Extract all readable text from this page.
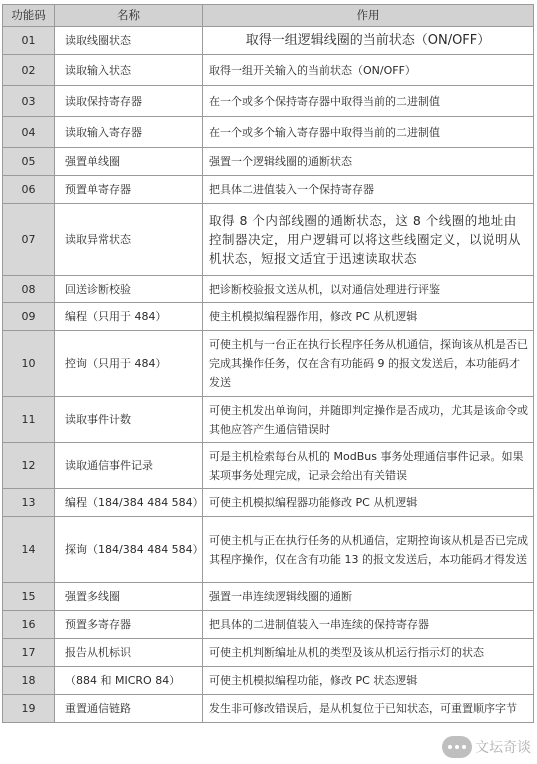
功能码	名称	作用
01	读取线圈状态	取得一组逻辑线圈的当前状态（ON/OFF）
02	读取输入状态	取得一组开关输入的当前状态（ON/OFF）
03	读取保持寄存器	在一个或多个保持寄存器中取得当前的二进制值
04	读取输入寄存器	在一个或多个输入寄存器中取得当前的二进制值
05	强置单线圈	强置一个逻辑线圈的通断状态
06	预置单寄存器	把具体二进值装入一个保持寄存器
07	读取异常状态	取得 8 个内部线圈的通断状态，这 8 个线圈的地址由控制器决定，用户逻辑可以将这些线圈定义，以说明从机状态，短报文适宜于迅速读取状态
08	回送诊断校验	把诊断校验报文送从机，以对通信处理进行评鉴
09	编程（只用于 484）	使主机模拟编程器作用，修改 PC 从机逻辑
10	控询（只用于 484）	可使主机与一台正在执行长程序任务从机通信，探询该从机是否已完成其操作任务，仅在含有功能码 9 的报文发送后，本功能码才发送
11	读取事件计数	可使主机发出单询问，并随即判定操作是否成功，尤其是该命令或其他应答产生通信错误时
12	读取通信事件记录	可是主机检索每台从机的 ModBus 事务处理通信事件记录。如果某项事务处理完成，记录会给出有关错误
13	编程（184/384 484 584）	可使主机模拟编程器功能修改 PC 从机逻辑
14	探询（184/384 484 584）	可使主机与正在执行任务的从机通信，定期控询该从机是否已完成其程序操作，仅在含有功能 13 的报文发送后，本功能码才得发送
15	强置多线圈	强置一串连续逻辑线圈的通断
16	预置多寄存器	把具体的二进制值装入一串连续的保持寄存器
17	报告从机标识	可使主机判断编址从机的类型及该从机运行指示灯的状态
18	（884 和 MICRO 84）	可使主机模拟编程功能，修改 PC 状态逻辑
19	重置通信链路	发生非可修改错误后，是从机复位于已知状态，可重置顺序字节
文坛奇谈
